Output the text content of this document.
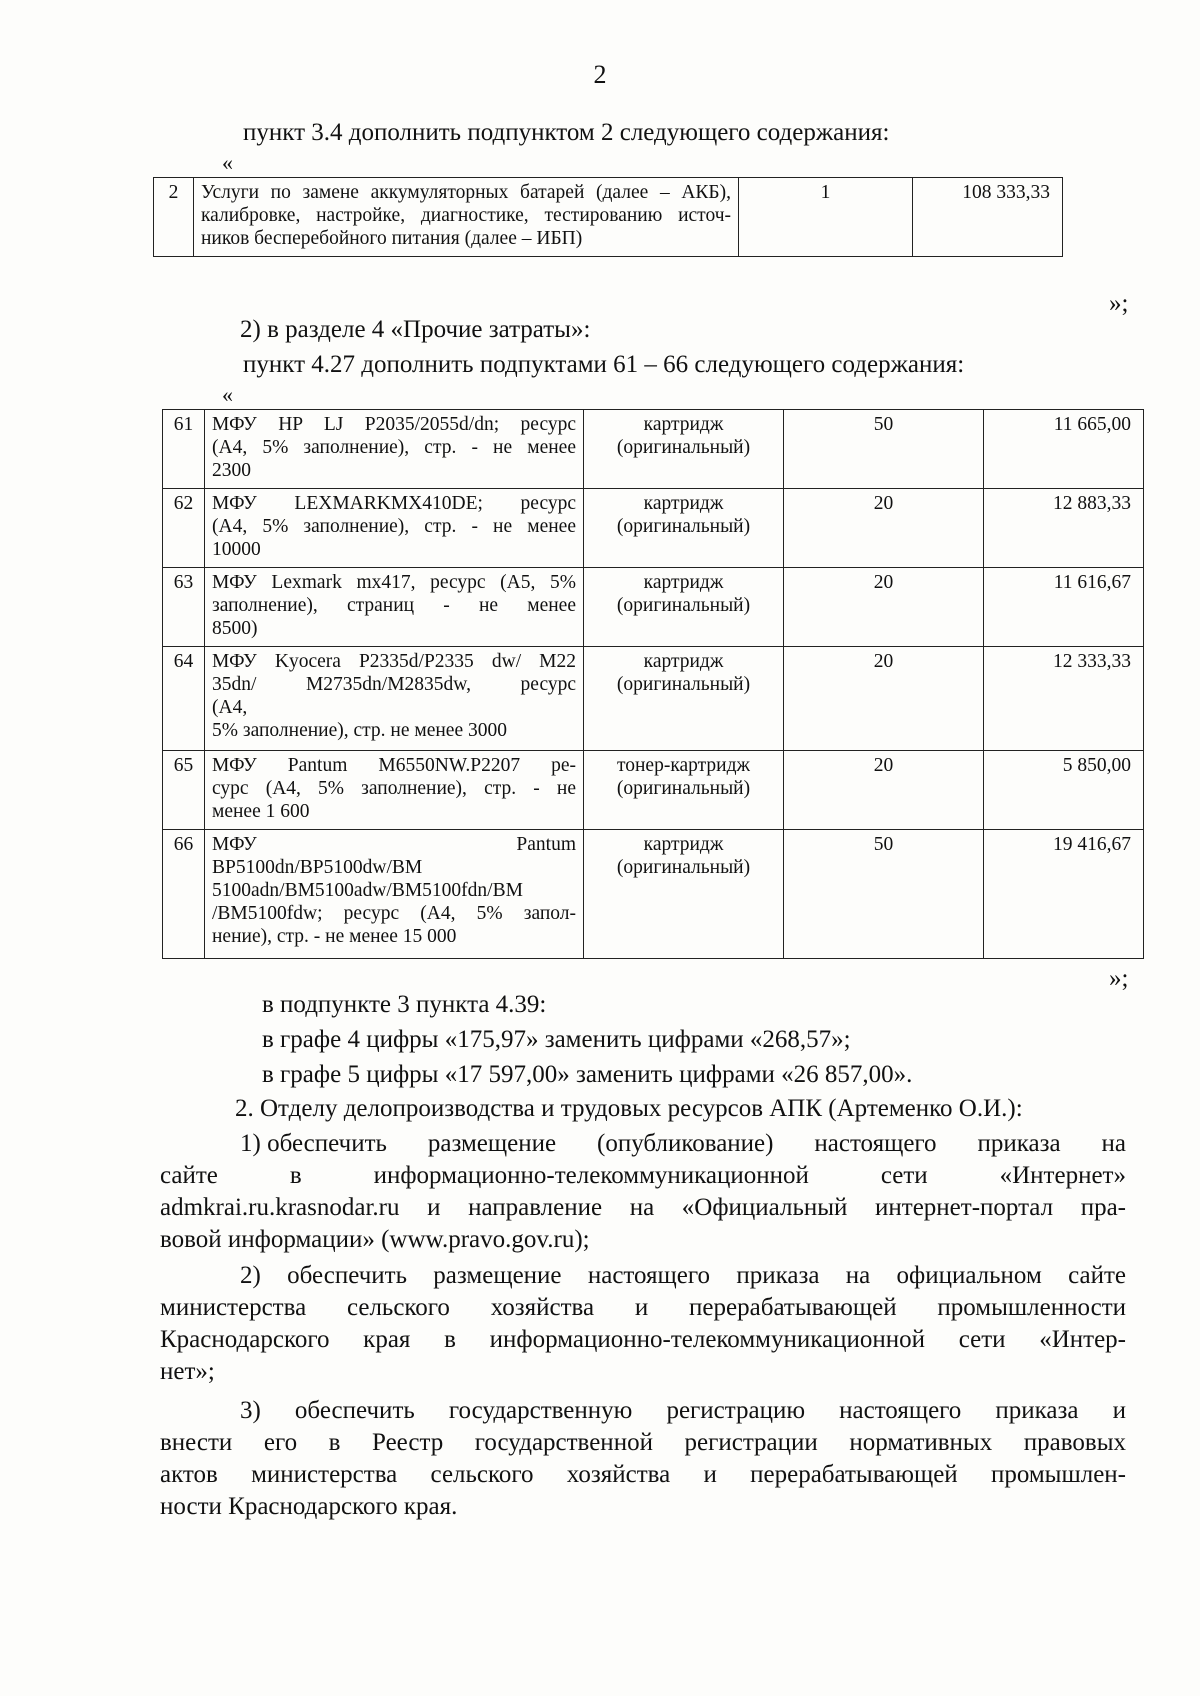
2
пункт 3.4 дополнить подпунктом 2 следующего содержания:
«
2	Услуги по замене аккумуляторных батарей (далее – АКБ),
калибровке, настройке, диагностике, тестированию источ-
ников бесперебойного питания (далее – ИБП)
	1	108 333,33
»;
2) в разделе 4 «Прочие затраты»:
пункт 4.27 дополнить подпуктами 61 – 66 следующего содержания:
«
61	МФУ HP LJ P2035/2055d/dn; ресурс
(А4, 5% заполнение), стр. - не менее
2300	картридж
(оригинальный)	50	11 665,00
62	МФУ LEXMARKMX410DE; ресурс
(А4, 5% заполнение), стр. - не менее
10000	картридж
(оригинальный)	20	12 883,33
63	МФУ Lexmark mx417, ресурс (А5, 5%
заполнение), страниц - не менее
8500)	картридж
(оригинальный)	20	11 616,67
64	МФУ Kyocera P2335d/P2335 dw/ M22
35dn/ M2735dn/M2835dw, ресурс
(А4,
5% заполнение), стр. не менее 3000	картридж
(оригинальный)	20	12 333,33
65	МФУ Pantum M6550NW.P2207 ре-
сурс (А4, 5% заполнение), стр. - не
менее 1 600	тонер-картридж
(оригинальный)	20	5 850,00
66	МФУ Pantum
BP5100dn/BP5100dw/BM
5100adn/BM5100adw/BM5100fdn/BM
/BM5100fdw; ресурс (А4, 5% запол-
нение), стр. - не менее 15 000	картридж
(оригинальный)	50	19 416,67
»;
в подпункте 3 пункта 4.39:
в графе 4 цифры «175,97» заменить цифрами «268,57»;
в графе 5 цифры «17 597,00» заменить цифрами «26 857,00».
2. Отделу делопроизводства и трудовых ресурсов АПК (Артеменко О.И.):
1) обеспечить размещение (опубликование) настоящего приказа на
сайте	в	информационно-телекоммуникационной	сети	«Интернет»
admkrai.ru.krasnodar.ru и направление на «Официальный интернет-портал пра-
вовой информации» (www.pravo.gov.ru);
2) обеспечить размещение настоящего приказа на официальном сайте
министерства сельского хозяйства и перерабатывающей промышленности
Краснодарского края в информационно-телекоммуникационной сети «Интер-
нет»;
3) обеспечить государственную регистрацию настоящего приказа и
внести его в Реестр государственной регистрации нормативных правовых
актов министерства сельского хозяйства и перерабатывающей промышлен-
ности Краснодарского края.
